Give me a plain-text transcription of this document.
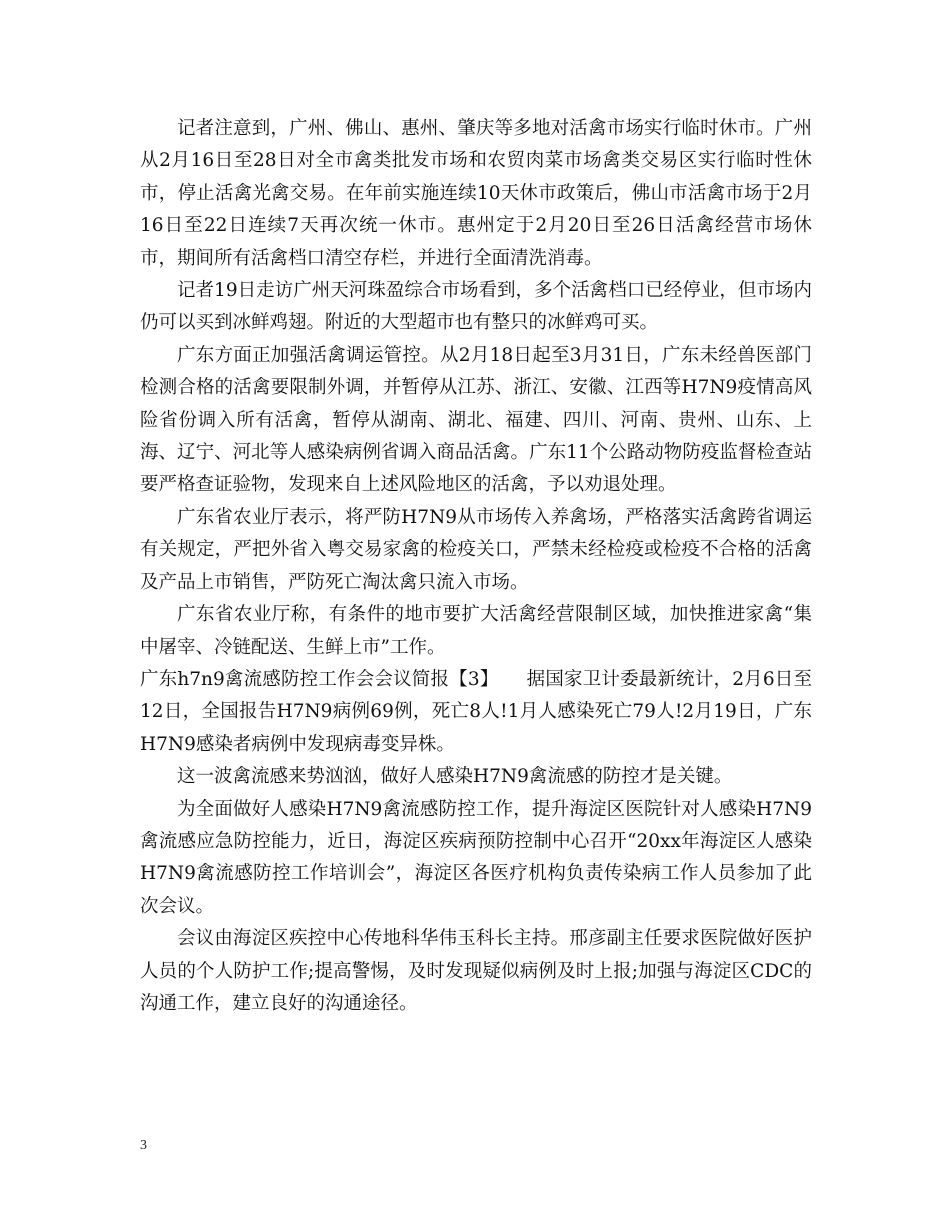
记者注意到，广州、佛山、惠州、肇庆等多地对活禽市场实行临时休市。广州从2月16日至28日对全市禽类批发市场和农贸肉菜市场禽类交易区实行临时性休市，停止活禽光禽交易。在年前实施连续10天休市政策后，佛山市活禽市场于2月16日至22日连续7天再次统一休市。惠州定于2月20日至26日活禽经营市场休市，期间所有活禽档口清空存栏，并进行全面清洗消毒。

记者19日走访广州天河珠盈综合市场看到，多个活禽档口已经停业，但市场内仍可以买到冰鲜鸡翅。附近的大型超市也有整只的冰鲜鸡可买。

广东方面正加强活禽调运管控。从2月18日起至3月31日，广东未经兽医部门检测合格的活禽要限制外调，并暂停从江苏、浙江、安徽、江西等H7N9疫情高风险省份调入所有活禽，暂停从湖南、湖北、福建、四川、河南、贵州、山东、上海、辽宁、河北等人感染病例省调入商品活禽。广东11个公路动物防疫监督检查站要严格查证验物，发现来自上述风险地区的活禽，予以劝退处理。

广东省农业厅表示，将严防H7N9从市场传入养禽场，严格落实活禽跨省调运有关规定，严把外省入粤交易家禽的检疫关口，严禁未经检疫或检疫不合格的活禽及产品上市销售，严防死亡淘汰禽只流入市场。

广东省农业厅称，有条件的地市要扩大活禽经营限制区域，加快推进家禽“集中屠宰、冷链配送、生鲜上市”工作。

广东h7n9禽流感防控工作会会议简报【3】　　据国家卫计委最新统计，2月6日至12日，全国报告H7N9病例69例，死亡8人!1月人感染死亡79人!2月19日，广东H7N9感染者病例中发现病毒变异株。

这一波禽流感来势汹汹，做好人感染H7N9禽流感的防控才是关键。

为全面做好人感染H7N9禽流感防控工作，提升海淀区医院针对人感染H7N9禽流感应急防控能力，近日，海淀区疾病预防控制中心召开“20xx年海淀区人感染H7N9禽流感防控工作培训会”，海淀区各医疗机构负责传染病工作人员参加了此次会议。

会议由海淀区疾控中心传地科华伟玉科长主持。邢彦副主任要求医院做好医护人员的个人防护工作;提高警惕，及时发现疑似病例及时上报;加强与海淀区CDC的沟通工作，建立良好的沟通途径。

3
